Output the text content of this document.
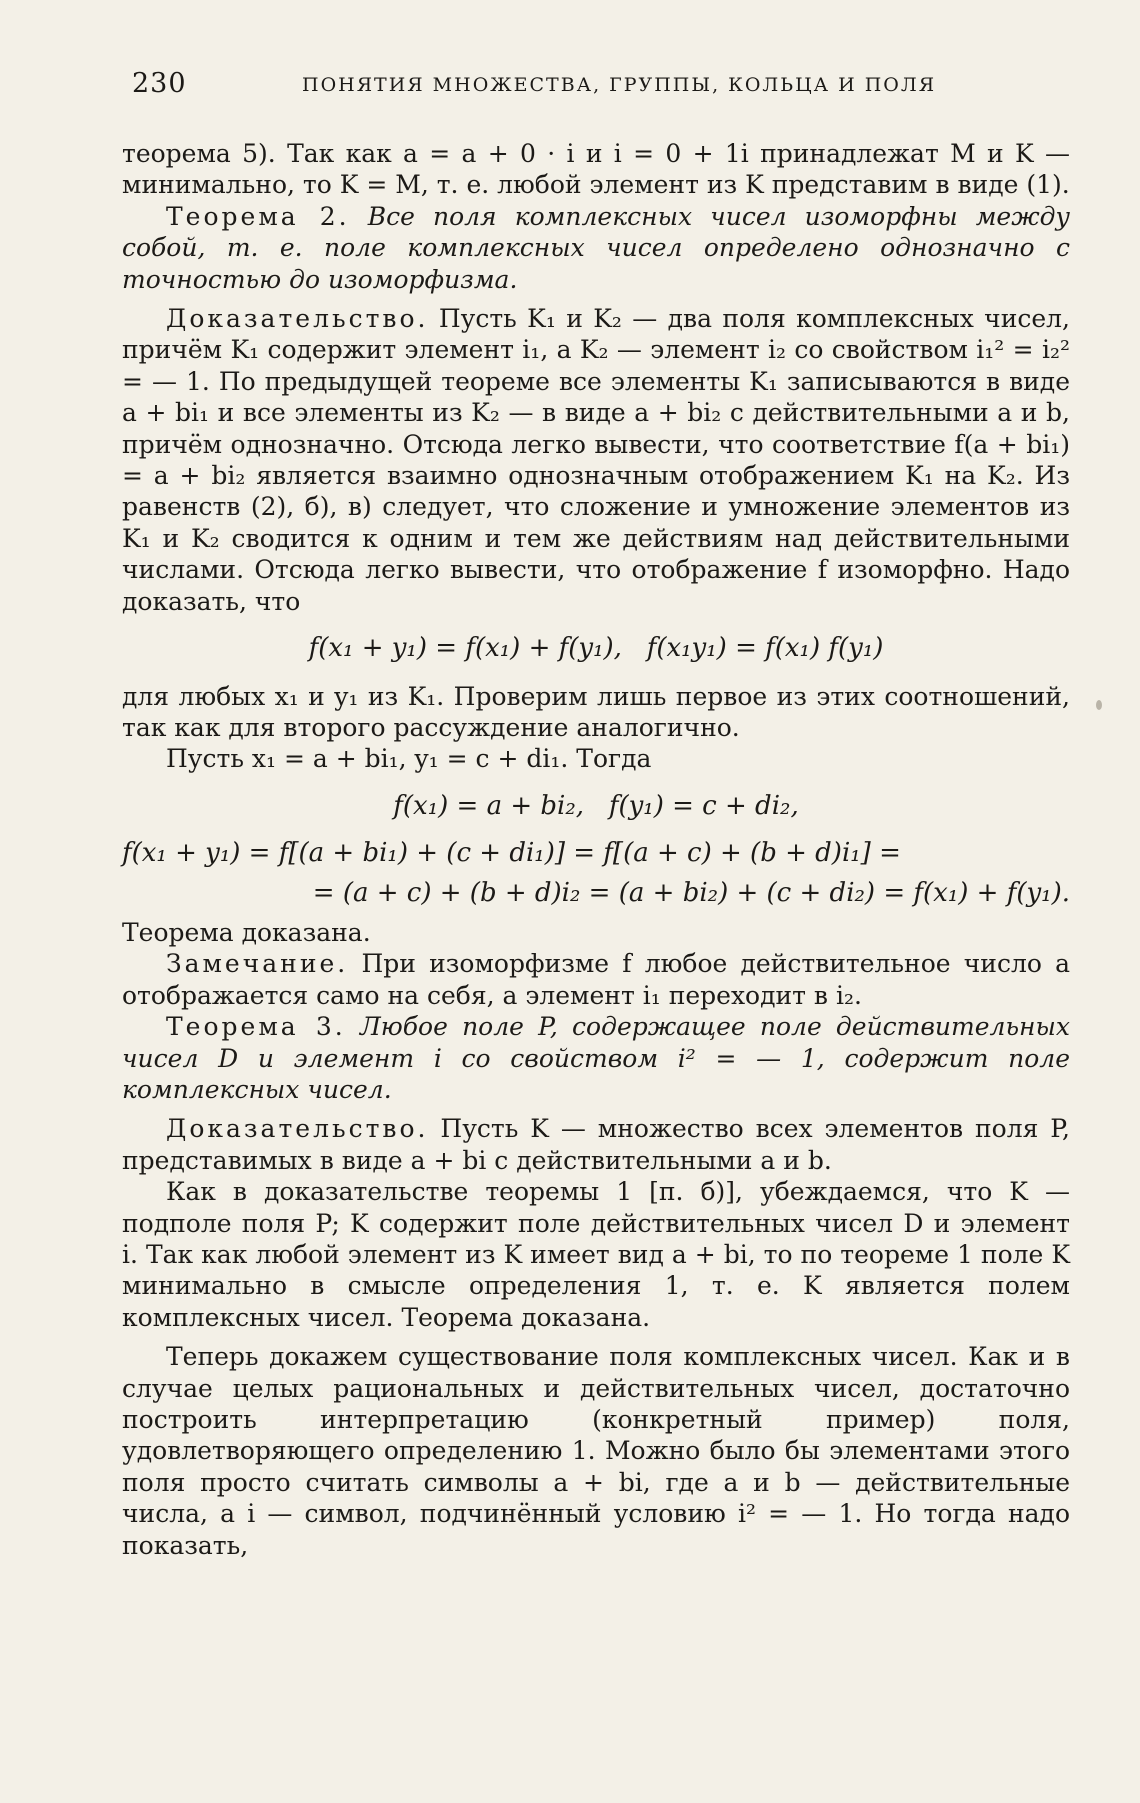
230	ПОНЯТИЯ МНОЖЕСТВА, ГРУППЫ, КОЛЬЦА И ПОЛЯ

теорема 5). Так как a = a + 0 · i и i = 0 + 1i принадлежат M и K — минимально, то K = M, т. е. любой элемент из K представим в виде (1).

Теорема 2. Все поля комплексных чисел изоморфны между собой, т. е. поле комплексных чисел определено однозначно с точностью до изоморфизма.

Доказательство. Пусть K₁ и K₂ — два поля комплексных чисел, причём K₁ содержит элемент i₁, а K₂ — элемент i₂ со свойством i₁² = i₂² = — 1. По предыдущей теореме все элементы K₁ записываются в виде a + bi₁ и все элементы из K₂ — в виде a + bi₂ с действительными a и b, причём однозначно. Отсюда легко вывести, что соответствие f(a + bi₁) = a + bi₂ является взаимно однозначным отображением K₁ на K₂. Из равенств (2), б), в) следует, что сложение и умножение элементов из K₁ и K₂ сводится к одним и тем же действиям над действительными числами. Отсюда легко вывести, что отображение f изоморфно. Надо доказать, что

f(x₁ + y₁) = f(x₁) + f(y₁),   f(x₁y₁) = f(x₁) f(y₁)

для любых x₁ и y₁ из K₁. Проверим лишь первое из этих соотношений, так как для второго рассуждение аналогично.

Пусть x₁ = a + bi₁, y₁ = c + di₁. Тогда

f(x₁) = a + bi₂,   f(y₁) = c + di₂,
f(x₁ + y₁) = f[(a + bi₁) + (c + di₁)] = f[(a + c) + (b + d)i₁] =
= (a + c) + (b + d)i₂ = (a + bi₂) + (c + di₂) = f(x₁) + f(y₁).

Теорема доказана.

Замечание. При изоморфизме f любое действительное число a отображается само на себя, а элемент i₁ переходит в i₂.

Теорема 3. Любое поле P, содержащее поле действительных чисел D и элемент i со свойством i² = — 1, содержит поле комплексных чисел.

Доказательство. Пусть K — множество всех элементов поля P, представимых в виде a + bi с действительными a и b.

Как в доказательстве теоремы 1 [п. б)], убеждаемся, что K — подполе поля P; K содержит поле действительных чисел D и элемент i. Так как любой элемент из K имеет вид a + bi, то по теореме 1 поле K минимально в смысле определения 1, т. е. K является полем комплексных чисел. Теорема доказана.

Теперь докажем существование поля комплексных чисел. Как и в случае целых рациональных и действительных чисел, достаточно построить интерпретацию (конкретный пример) поля, удовлетворяющего определению 1. Можно было бы элементами этого поля просто считать символы a + bi, где a и b — действительные числа, а i — символ, подчинённый условию i² = — 1. Но тогда надо показать,
